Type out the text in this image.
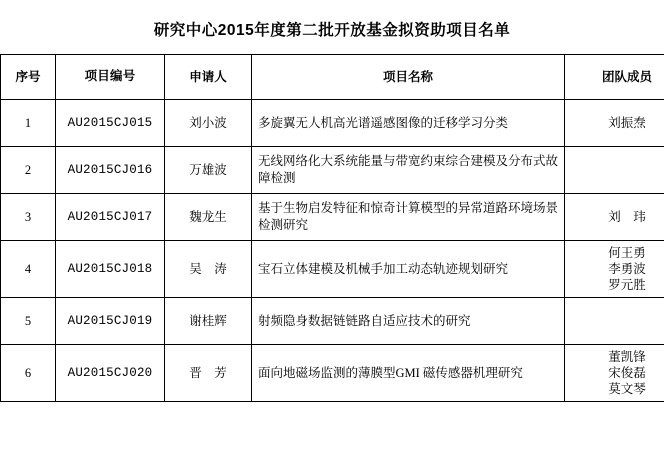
研究中心2015年度第二批开放基金拟资助项目名单
序号	项目编号	申请人	项目名称	团队成员
1	AU2015CJ015	刘小波	多旋翼无人机高光谱遥感图像的迁移学习分类	刘振焘

2	AU2015CJ016	万雄波	无线网络化大系统能量与带宽约束综合建模及分布式故障检测	

3	AU2015CJ017	魏龙生	基于生物启发特征和惊奇计算模型的异常道路环境场景检测研究	刘　玮

4	AU2015CJ018	吴　涛	宝石立体建模及机械手加工动态轨迹规划研究	何王勇
李勇波
罗元胜

5	AU2015CJ019	谢桂辉	射频隐身数据链链路自适应技术的研究	

6	AU2015CJ020	晋　芳	面向地磁场监测的薄膜型GMI 磁传感器机理研究	董凯锋
宋俊磊
莫文琴
